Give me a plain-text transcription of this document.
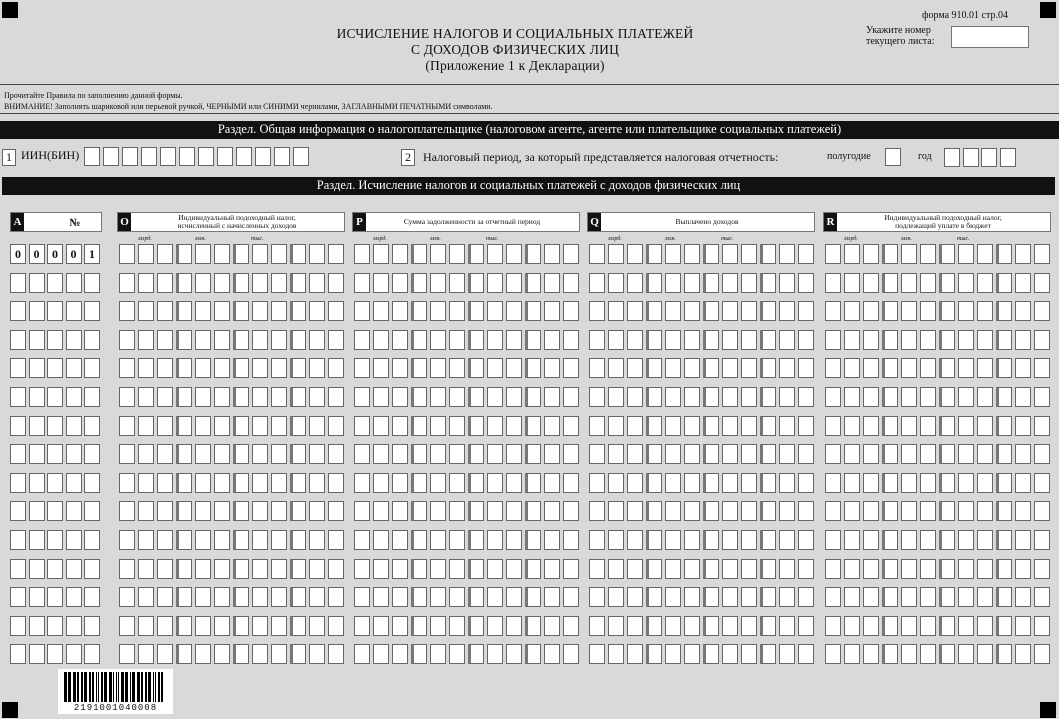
ИСЧИСЛЕНИЕ НАЛОГОВ И СОЦИАЛЬНЫХ ПЛАТЕЖЕЙ
С ДОХОДОВ ФИЗИЧЕСКИХ ЛИЦ
(Приложение 1 к Декларации)
форма 910.01 стр.04
Укажите номер
текущего листа:
Прочитайте Правила по заполнению данной формы.
ВНИМАНИЕ! Заполнять шариковой или перьевой ручкой, ЧЕРНЫМИ или СИНИМИ чернилами, ЗАГЛАВНЫМИ ПЕЧАТНЫМИ символами.
Раздел. Общая информация о налогоплательщике (налоговом агенте, агенте или плательщике социальных платежей)
1 ИИН(БИН)	2	Налоговый период, за который представляется налоговая отчетность:	полугодие	год
Раздел. Исчисление налогов и социальных платежей с доходов физических лиц
A	№	O	Индивидуальный подоходный налог,
исчисленный с начисленных доходов
млрд.	млн.	тыс.
P	Сумма задолженности за отчетный период
млрд.	млн.	тыс.
Q	Выплачено доходов
млрд.	млн.	тыс.
R	Индивидуальный подоходный налог,
подлежащий уплате в бюджет
млрд.	млн.	тыс.
0	0	0	0	1
2191001040008
